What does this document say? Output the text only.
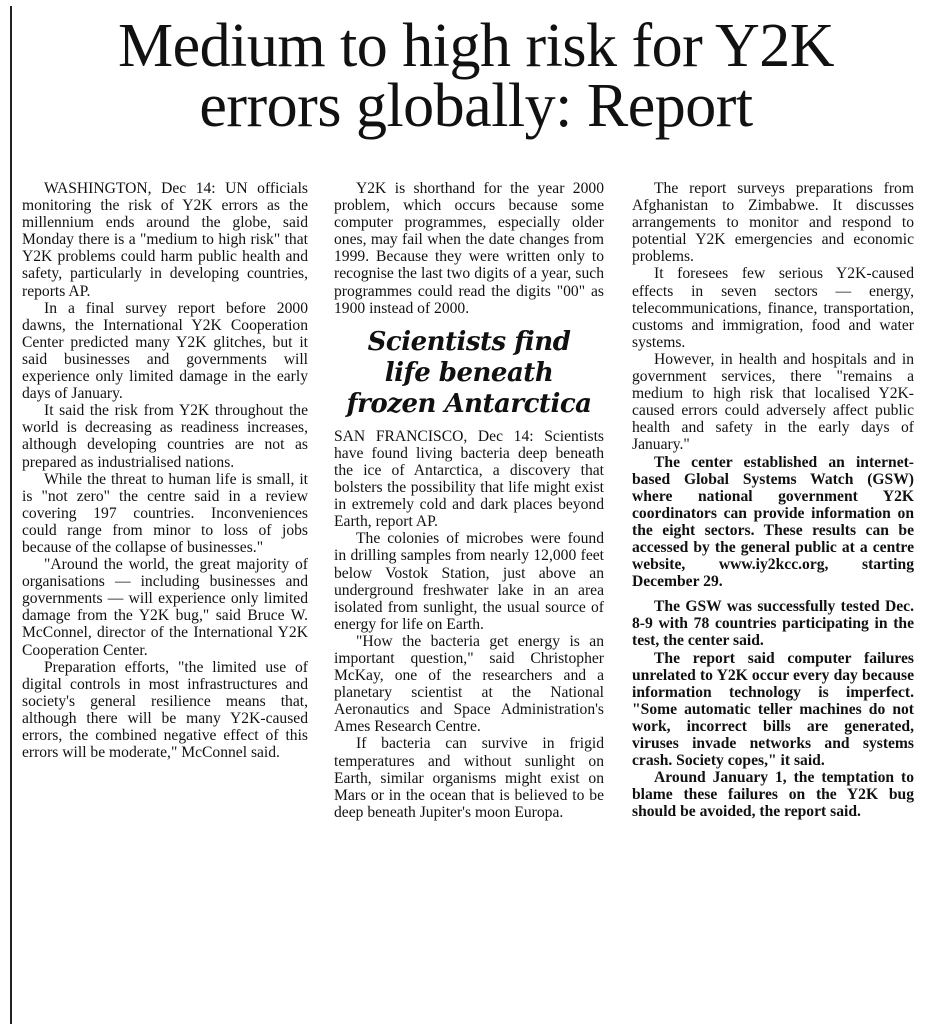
Medium to high risk for Y2K
errors globally: Report

WASHINGTON, Dec 14: UN officials monitoring the risk of Y2K errors as the millennium ends around the globe, said Monday there is a "medium to high risk" that Y2K problems could harm public health and safety, particularly in developing countries, reports AP.

In a final survey report before 2000 dawns, the International Y2K Cooperation Center predicted many Y2K glitches, but it said businesses and governments will experience only limited damage in the early days of January.

It said the risk from Y2K throughout the world is decreasing as readiness increases, although developing countries are not as prepared as industrialised nations.

While the threat to human life is small, it is "not zero" the centre said in a review covering 197 countries. Inconveniences could range from minor to loss of jobs because of the collapse of businesses."

"Around the world, the great majority of organisations — including businesses and governments — will experience only limited damage from the Y2K bug," said Bruce W. McConnel, director of the International Y2K Cooperation Center.

Preparation efforts, "the limited use of digital controls in most infrastructures and society's general resilience means that, although there will be many Y2K-caused errors, the combined negative effect of this errors will be moderate," McConnel said.

Y2K is shorthand for the year 2000 problem, which occurs because some computer programmes, especially older ones, may fail when the date changes from 1999. Because they were written only to recognise the last two digits of a year, such programmes could read the digits "00" as 1900 instead of 2000.

Scientists find
life beneath
frozen Antarctica

SAN FRANCISCO, Dec 14: Scientists have found living bacteria deep beneath the ice of Antarctica, a discovery that bolsters the possibility that life might exist in extremely cold and dark places beyond Earth, report AP.

The colonies of microbes were found in drilling samples from nearly 12,000 feet below Vostok Station, just above an underground freshwater lake in an area isolated from sunlight, the usual source of energy for life on Earth.

"How the bacteria get energy is an important question," said Christopher McKay, one of the researchers and a planetary scientist at the National Aeronautics and Space Administration's Ames Research Centre.

If bacteria can survive in frigid temperatures and without sunlight on Earth, similar organisms might exist on Mars or in the ocean that is believed to be deep beneath Jupiter's moon Europa.

The report surveys preparations from Afghanistan to Zimbabwe. It discusses arrangements to monitor and respond to potential Y2K emergencies and economic problems.

It foresees few serious Y2K-caused effects in seven sectors — energy, telecommunications, finance, transportation, customs and immigration, food and water systems.

However, in health and hospitals and in government services, there "remains a medium to high risk that localised Y2K-caused errors could adversely affect public health and safety in the early days of January."

The center established an internet-based Global Systems Watch (GSW) where national government Y2K coordinators can provide information on the eight sectors. These results can be accessed by the general public at a centre website, www.iy2kcc.org, starting December 29.

The GSW was successfully tested Dec. 8-9 with 78 countries participating in the test, the center said.

The report said computer failures unrelated to Y2K occur every day because information technology is imperfect. "Some automatic teller machines do not work, incorrect bills are generated, viruses invade networks and systems crash. Society copes," it said.

Around January 1, the temptation to blame these failures on the Y2K bug should be avoided, the report said.
